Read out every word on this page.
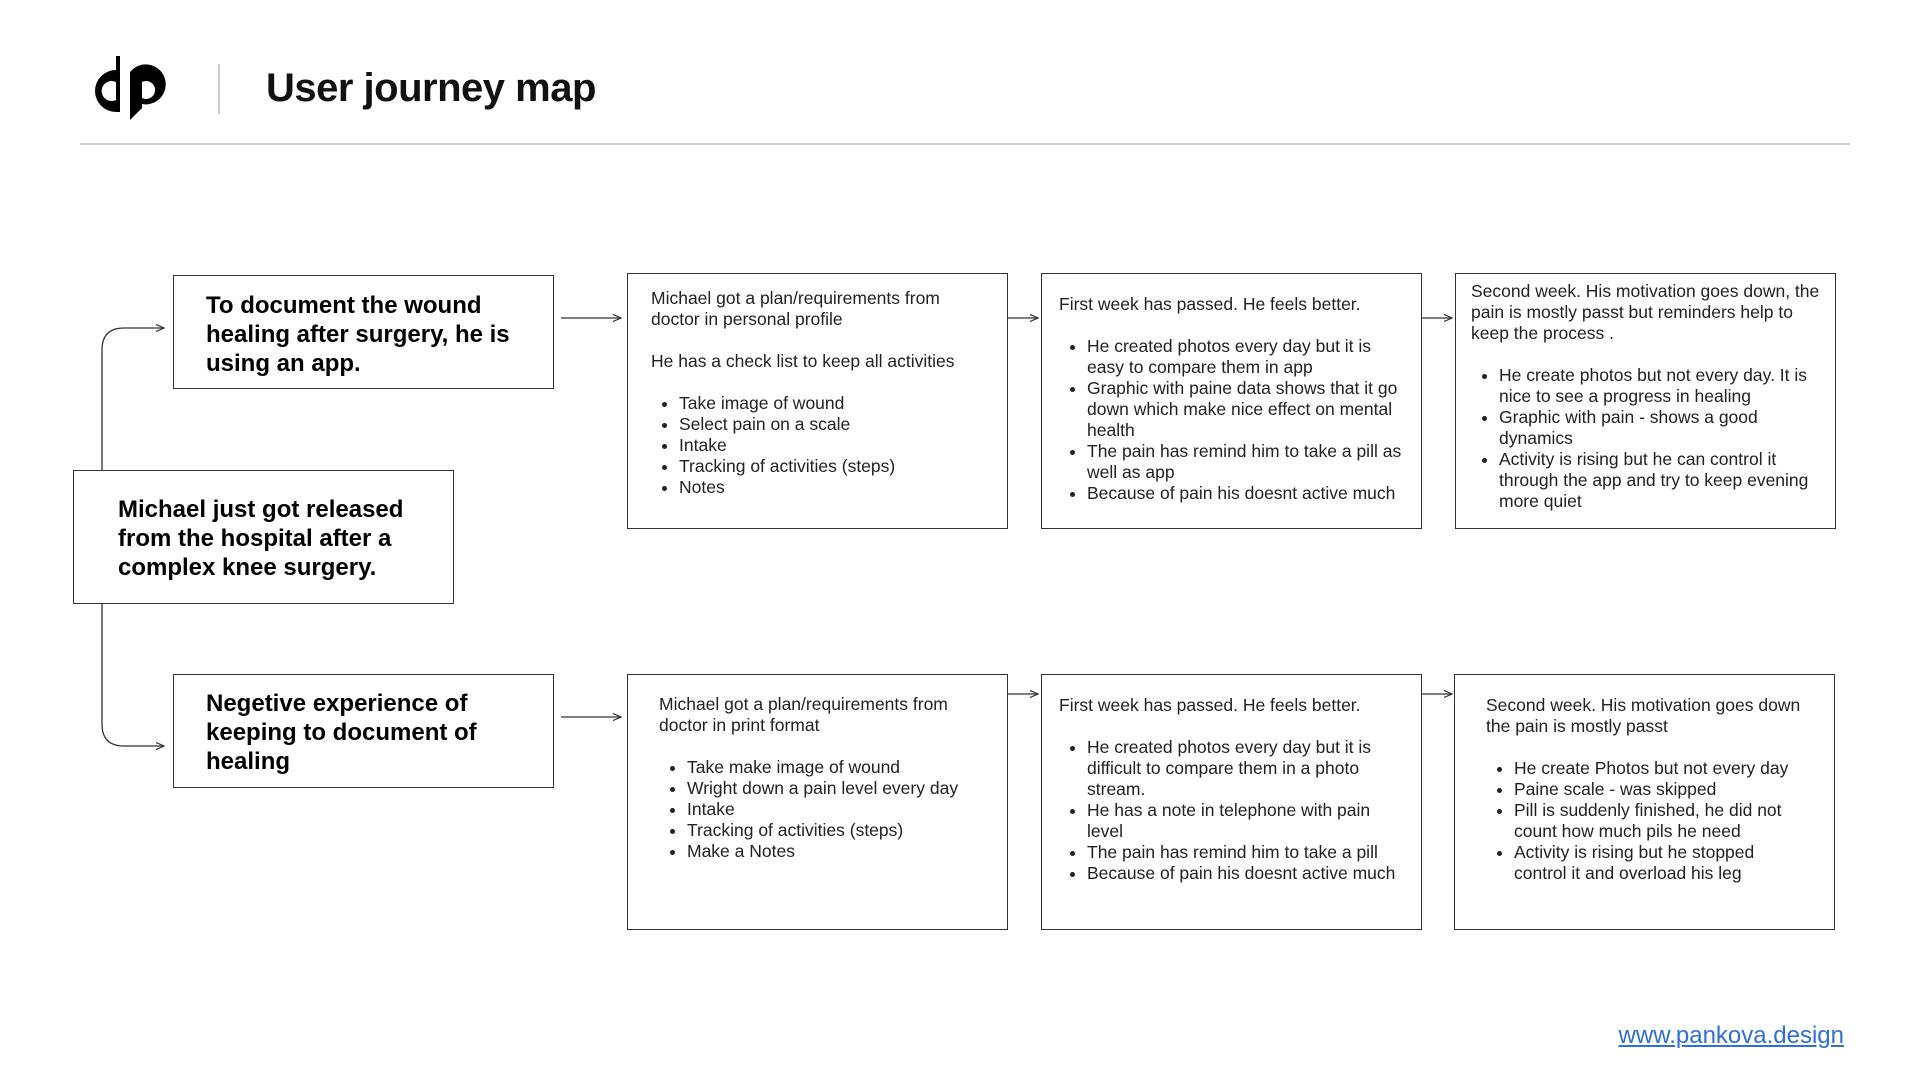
User journey map
Michael just got released from the hospital after a complex knee surgery.
To document the wound healing after surgery, he is using an app.

Michael got a plan/requirements from doctor in personal profile

He has a check list to keep all activities

• Take image of wound
• Select pain on a scale
• Intake
• Tracking of activities (steps)
• Notes

First week has passed. He feels better.

• He created photos every day but it is easy to compare them in app
• Graphic with paine data shows that it go down which make nice effect on mental health
• The pain has remind him to take a pill as well as app
• Because of pain his doesnt active much

Second week. His motivation goes down, the pain is mostly passt but reminders help to keep the process .

• He create photos but not every day. It is nice to see a progress in healing
• Graphic with pain - shows a good dynamics
• Activity is rising but he can control it through the app and try to keep evening more quiet
Negetive experience of keeping to document of healing

Michael got a plan/requirements from doctor in print format

• Take make image of wound
• Wright down a pain level every day
• Intake
• Tracking of activities (steps)
• Make a Notes

First week has passed. He feels better.

• He created photos every day but it is difficult to compare them in a photo stream.
• He has a note in telephone with pain level
• The pain has remind him to take a pill
• Because of pain his doesnt active much

Second week. His motivation goes down the pain is mostly passt

• He create Photos but not every day
• Paine scale - was skipped
• Pill is suddenly finished, he did not count how much pils he need
• Activity is rising but he stopped control it and overload his leg
www.pankova.design
